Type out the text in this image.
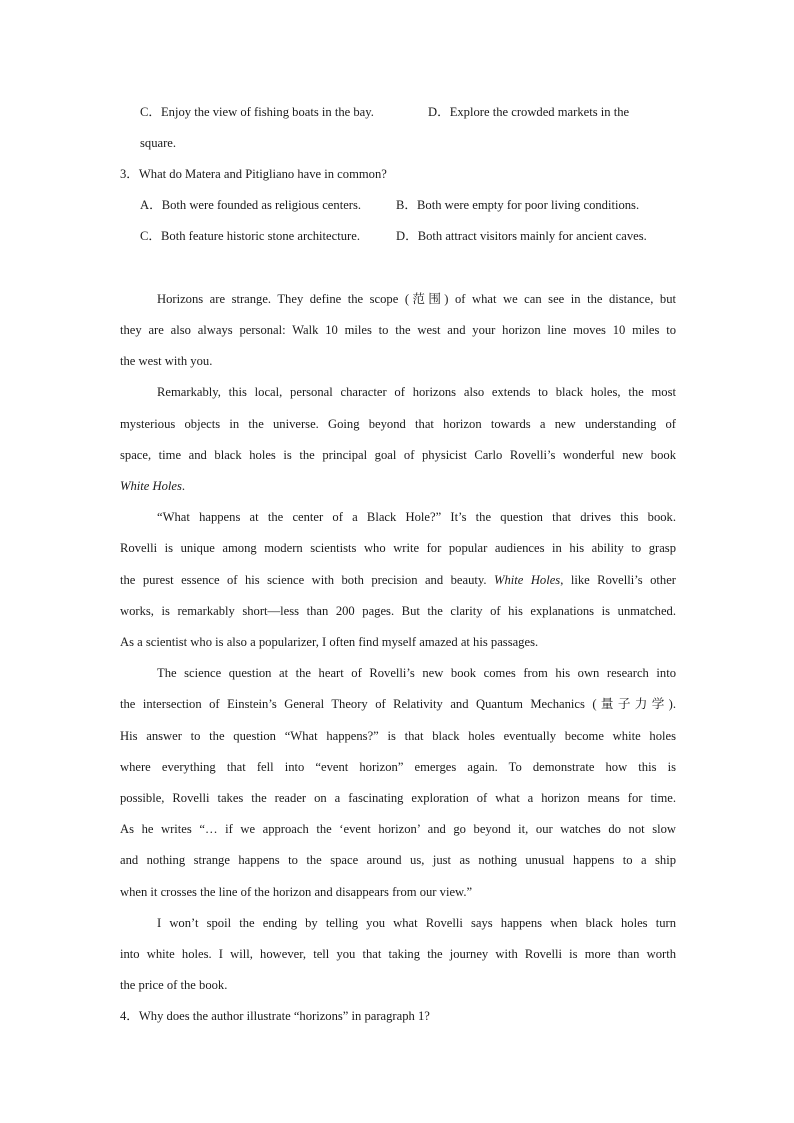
C．Enjoy the view of fishing boats in the bay.	D．Explore the crowded markets in the
square.
3．What do Matera and Pitigliano have in common?
A．Both were founded as religious centers.	B．Both were empty for poor living conditions.
C．Both feature historic stone architecture.	D．Both attract visitors mainly for ancient caves.
Horizons are strange. They define the scope (范围) of what we can see in the distance, but
they are also always personal: Walk 10 miles to the west and your horizon line moves 10 miles to
the west with you.
Remarkably, this local, personal character of horizons also extends to black holes, the most
mysterious objects in the universe. Going beyond that horizon towards a new understanding of
space, time and black holes is the principal goal of physicist Carlo Rovelli’s wonderful new book
White Holes.
“What happens at the center of a Black Hole?” It’s the question that drives this book.
Rovelli is unique among modern scientists who write for popular audiences in his ability to grasp
the purest essence of his science with both precision and beauty. White Holes, like Rovelli’s other
works, is remarkably short—less than 200 pages. But the clarity of his explanations is unmatched.
As a scientist who is also a popularizer, I often find myself amazed at his passages.
The science question at the heart of Rovelli’s new book comes from his own research into
the intersection of Einstein’s General Theory of Relativity and Quantum Mechanics (量子力学).
His answer to the question “What happens?” is that black holes eventually become white holes
where everything that fell into “event horizon” emerges again. To demonstrate how this is
possible, Rovelli takes the reader on a fascinating exploration of what a horizon means for time.
As he writes “… if we approach the ‘event horizon’ and go beyond it, our watches do not slow
and nothing strange happens to the space around us, just as nothing unusual happens to a ship
when it crosses the line of the horizon and disappears from our view.”
I won’t spoil the ending by telling you what Rovelli says happens when black holes turn
into white holes. I will, however, tell you that taking the journey with Rovelli is more than worth
the price of the book.
4．Why does the author illustrate “horizons” in paragraph 1?
